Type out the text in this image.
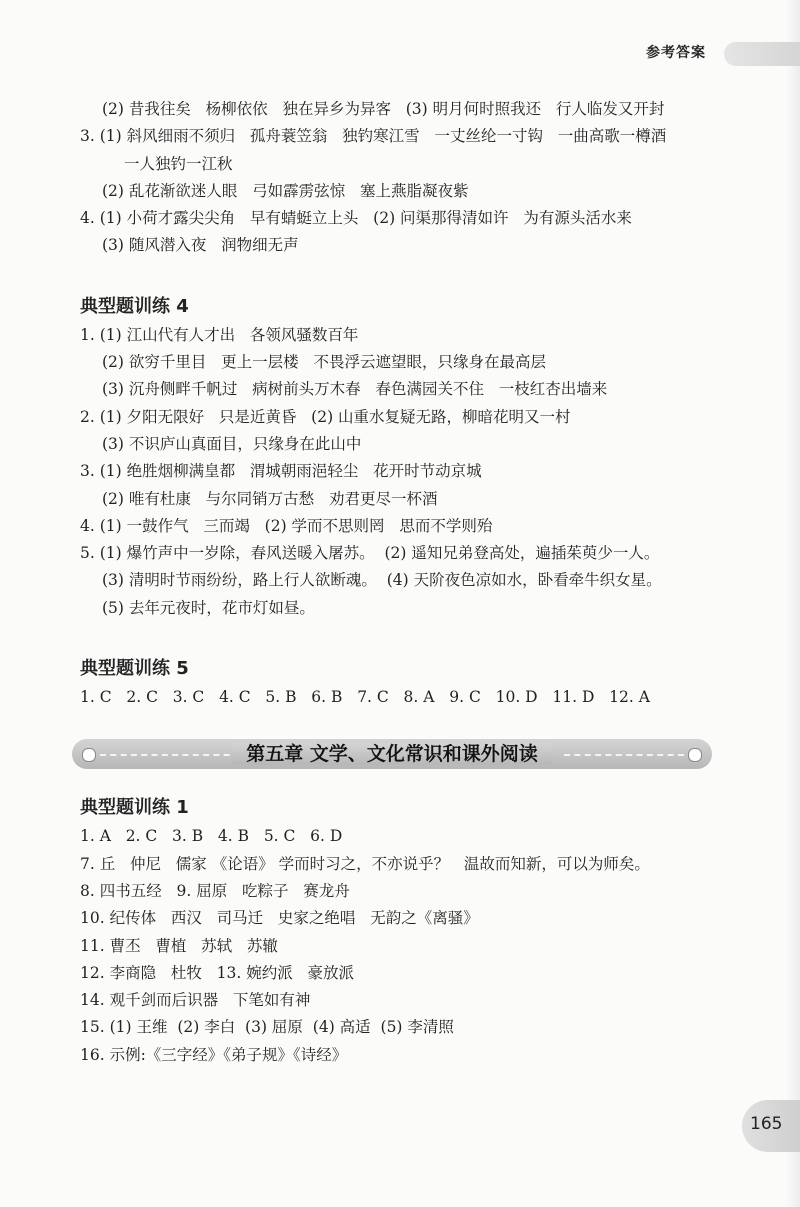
参考答案
(2) 昔我往矣   杨柳依依   独在异乡为异客   (3) 明月何时照我还   行人临发又开封
3. (1) 斜风细雨不须归   孤舟蓑笠翁   独钓寒江雪   一丈丝纶一寸钩   一曲高歌一樽酒
一人独钓一江秋
(2) 乱花渐欲迷人眼   弓如霹雳弦惊   塞上燕脂凝夜紫
4. (1) 小荷才露尖尖角   早有蜻蜓立上头   (2) 问渠那得清如许   为有源头活水来
(3) 随风潜入夜   润物细无声
典型题训练 4
1. (1) 江山代有人才出   各领风骚数百年
(2) 欲穷千里目   更上一层楼   不畏浮云遮望眼，只缘身在最高层
(3) 沉舟侧畔千帆过   病树前头万木春   春色满园关不住   一枝红杏出墙来
2. (1) 夕阳无限好   只是近黄昏   (2) 山重水复疑无路，柳暗花明又一村
(3) 不识庐山真面目，只缘身在此山中
3. (1) 绝胜烟柳满皇都   渭城朝雨浥轻尘   花开时节动京城
(2) 唯有杜康   与尔同销万古愁   劝君更尽一杯酒
4. (1) 一鼓作气   三而竭   (2) 学而不思则罔   思而不学则殆
5. (1) 爆竹声中一岁除，春风送暖入屠苏。  (2) 遥知兄弟登高处，遍插茱萸少一人。
(3) 清明时节雨纷纷，路上行人欲断魂。  (4) 天阶夜色凉如水，卧看牵牛织女星。
(5) 去年元夜时，花市灯如昼。
典型题训练 5
1. C   2. C   3. C   4. C   5. B   6. B   7. C   8. A   9. C   10. D   11. D   12. A
第五章 文学、文化常识和课外阅读
典型题训练 1
1. A   2. C   3. B   4. B   5. C   6. D
7. 丘   仲尼   儒家 《论语》 学而时习之，不亦说乎？   温故而知新，可以为师矣。
8. 四书五经   9. 屈原   吃粽子   赛龙舟
10. 纪传体   西汉   司马迁   史家之绝唱   无韵之《离骚》
11. 曹丕   曹植   苏轼   苏辙
12. 李商隐   杜牧   13. 婉约派   豪放派
14. 观千剑而后识器   下笔如有神
15. (1) 王维  (2) 李白  (3) 屈原  (4) 高适  (5) 李清照
16. 示例:《三字经》《弟子规》《诗经》
165
